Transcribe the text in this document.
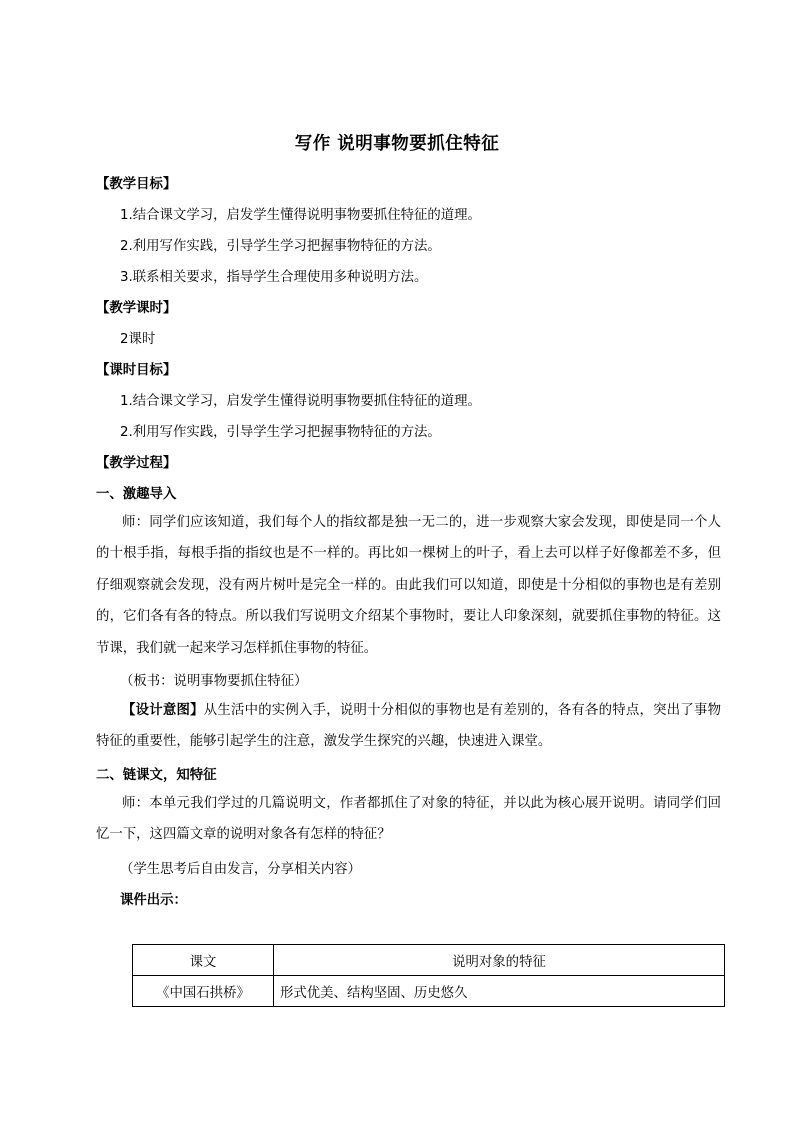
写作 说明事物要抓住特征
【教学目标】
1.结合课文学习，启发学生懂得说明事物要抓住特征的道理。
2.利用写作实践，引导学生学习把握事物特征的方法。
3.联系相关要求，指导学生合理使用多种说明方法。
【教学课时】
2课时
【课时目标】
1.结合课文学习，启发学生懂得说明事物要抓住特征的道理。
2.利用写作实践，引导学生学习把握事物特征的方法。
【教学过程】
一、激趣导入
师：同学们应该知道，我们每个人的指纹都是独一无二的，进一步观察大家会发现，即使是同一个人的十根手指，每根手指的指纹也是不一样的。再比如一棵树上的叶子，看上去可以样子好像都差不多，但仔细观察就会发现，没有两片树叶是完全一样的。由此我们可以知道，即使是十分相似的事物也是有差别的，它们各有各的特点。所以我们写说明文介绍某个事物时，要让人印象深刻，就要抓住事物的特征。这节课，我们就一起来学习怎样抓住事物的特征。
（板书：说明事物要抓住特征）
【设计意图】从生活中的实例入手，说明十分相似的事物也是有差别的，各有各的特点，突出了事物特征的重要性，能够引起学生的注意，激发学生探究的兴趣，快速进入课堂。
二、链课文，知特征
师：本单元我们学过的几篇说明文，作者都抓住了对象的特征，并以此为核心展开说明。请同学们回忆一下，这四篇文章的说明对象各有怎样的特征？
（学生思考后自由发言，分享相关内容）
课件出示：
课文	说明对象的特征
《中国石拱桥》	形式优美、结构坚固、历史悠久
